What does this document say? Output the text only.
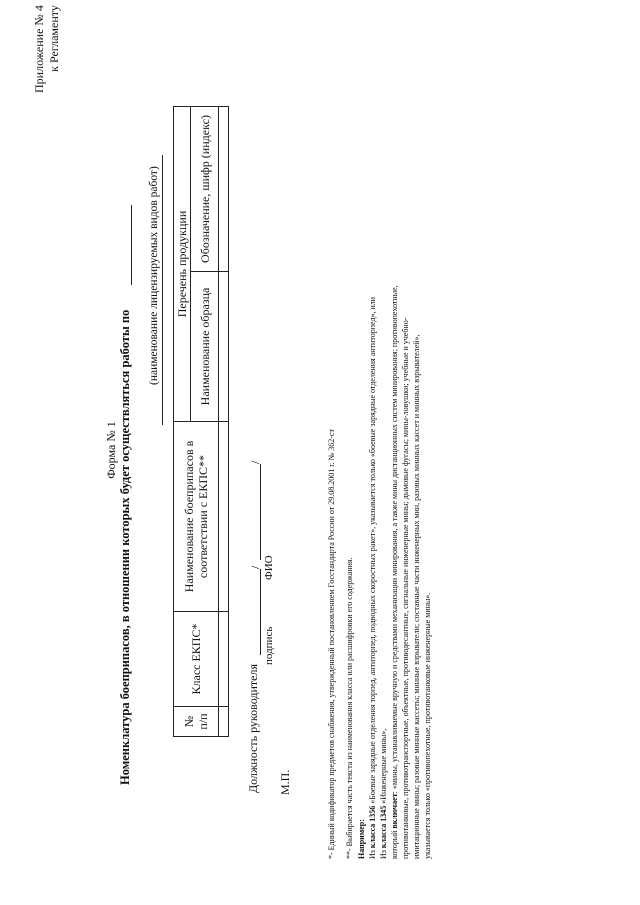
Приложение № 4 к Регламенту
Форма № 1 Номенклатура боеприпасов, в отношении которых будет осуществляться работы по
(наименование лицензируемых видов работ)
№ п/п	Класс ЕКПС*	Наименование боеприпасов в соответствии с ЕКПС**	Перечень продукции	
			Наименование образца	Обозначение, шифр (индекс)

Должность руководителя
/
/
подпись
ФИО
М.П.	*- Единый кодификатор предметов снабжения, утвержденный постановлением Госстандарта России от 29.08.2001 г. № 362-ст **- Выбирается часть текста из наименования класса или расшифровки его содержания. Например: Из класса 1356 «Боевые зарядные отделения торпед, антиторпед, подводных скоростных ракет», указывается только «боевые зарядные отделения антиторпед», или
Из класса 1345 «Инженерные мины»,
который включает: «мины, устанавливаемые вручную и средствами механизации минирования, а также мины дистанционных систем минирования; противопехотные, противотанковые, противотранспортные, объектные, противодесантные, сигнальные инженерные мины; дымовые фугасы; мины-ловушки; учебные и учебно- имитационные мины; разовые минные кассеты; минные взрыватели; составные части инженерных мин, разовых минных кассет и минных взрывателей», указывается только «противопехотные, противотанковые инженерные мины».
